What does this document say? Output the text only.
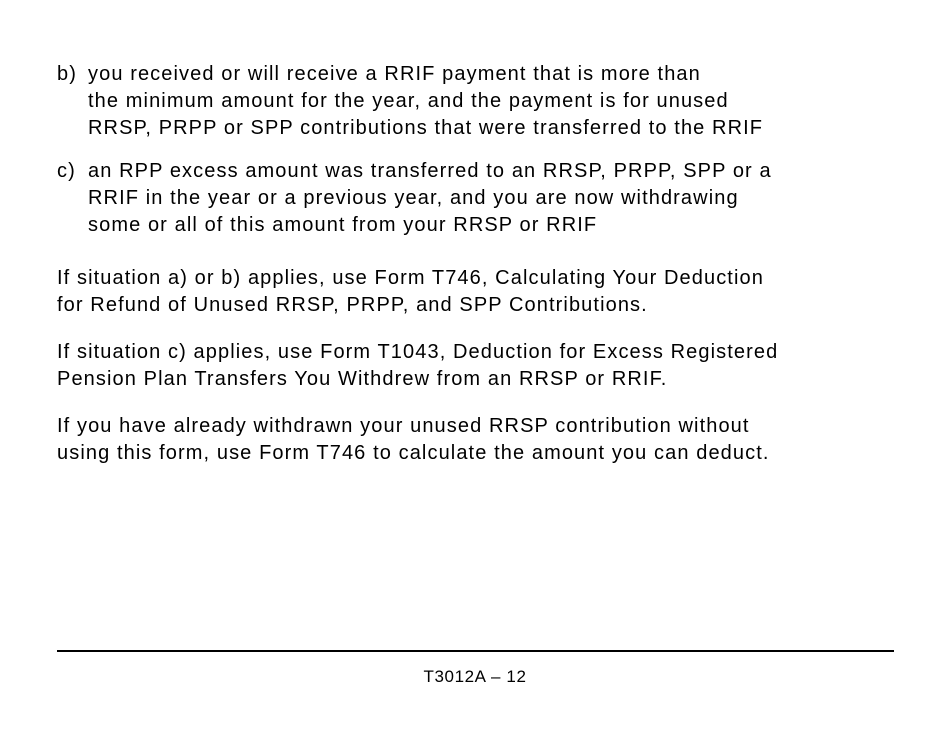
b) you received or will receive a RRIF payment that is more than
the minimum amount for the year, and the payment is for unused
RRSP, PRPP or SPP contributions that were transferred to the RRIF
c) an RPP excess amount was transferred to an RRSP, PRPP, SPP or a
RRIF in the year or a previous year, and you are now withdrawing
some or all of this amount from your RRSP or RRIF
If situation a) or b) applies, use Form T746, Calculating Your Deduction
for Refund of Unused RRSP, PRPP, and SPP Contributions.
If situation c) applies, use Form T1043, Deduction for Excess Registered
Pension Plan Transfers You Withdrew from an RRSP or RRIF.
If you have already withdrawn your unused RRSP contribution without
using this form, use Form T746 to calculate the amount you can deduct.
T3012A – 12
